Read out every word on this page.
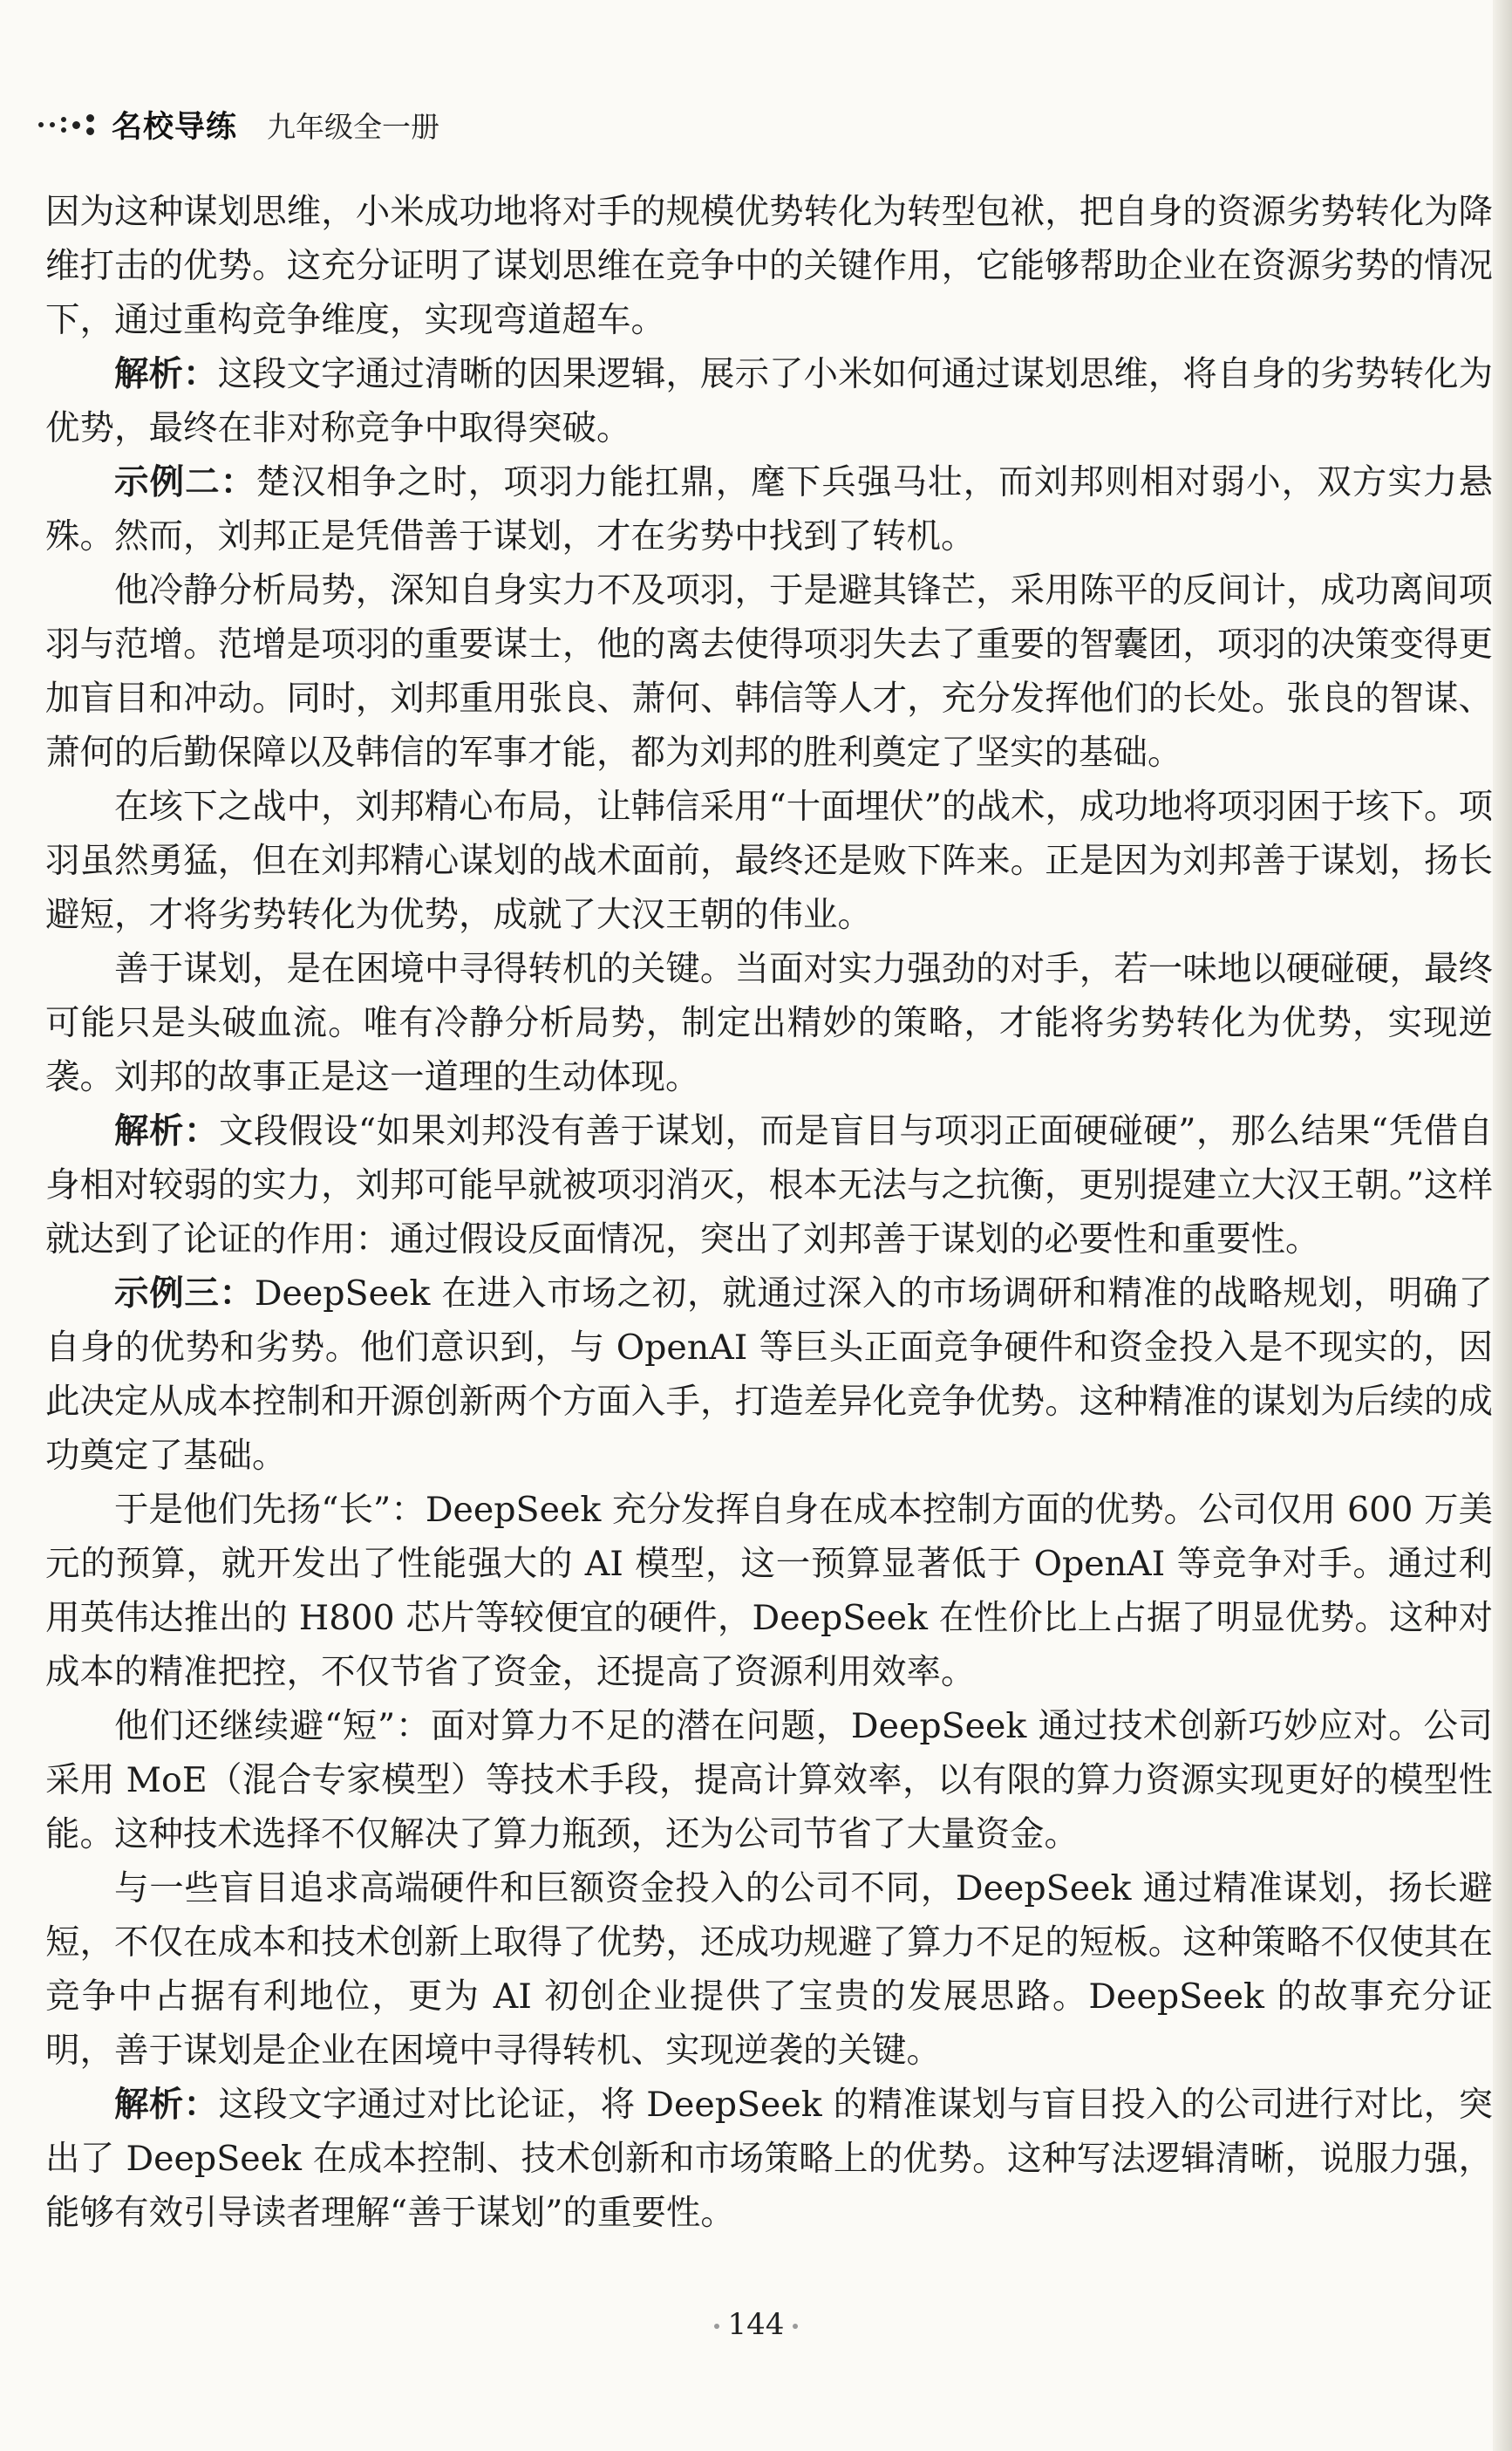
名校导练 九年级全一册

因为这种谋划思维，小米成功地将对手的规模优势转化为转型包袱，把自身的资源劣势转化为降维打击的优势。这充分证明了谋划思维在竞争中的关键作用，它能够帮助企业在资源劣势的情况下，通过重构竞争维度，实现弯道超车。

解析：这段文字通过清晰的因果逻辑，展示了小米如何通过谋划思维，将自身的劣势转化为优势，最终在非对称竞争中取得突破。

示例二：楚汉相争之时，项羽力能扛鼎，麾下兵强马壮，而刘邦则相对弱小，双方实力悬殊。然而，刘邦正是凭借善于谋划，才在劣势中找到了转机。

他冷静分析局势，深知自身实力不及项羽，于是避其锋芒，采用陈平的反间计，成功离间项羽与范增。范增是项羽的重要谋士，他的离去使得项羽失去了重要的智囊团，项羽的决策变得更加盲目和冲动。同时，刘邦重用张良、萧何、韩信等人才，充分发挥他们的长处。张良的智谋、萧何的后勤保障以及韩信的军事才能，都为刘邦的胜利奠定了坚实的基础。

在垓下之战中，刘邦精心布局，让韩信采用“十面埋伏”的战术，成功地将项羽困于垓下。项羽虽然勇猛，但在刘邦精心谋划的战术面前，最终还是败下阵来。正是因为刘邦善于谋划，扬长避短，才将劣势转化为优势，成就了大汉王朝的伟业。

善于谋划，是在困境中寻得转机的关键。当面对实力强劲的对手，若一味地以硬碰硬，最终可能只是头破血流。唯有冷静分析局势，制定出精妙的策略，才能将劣势转化为优势，实现逆袭。刘邦的故事正是这一道理的生动体现。

解析：文段假设“如果刘邦没有善于谋划，而是盲目与项羽正面硬碰硬”，那么结果“凭借自身相对较弱的实力，刘邦可能早就被项羽消灭，根本无法与之抗衡，更别提建立大汉王朝。”这样就达到了论证的作用：通过假设反面情况，突出了刘邦善于谋划的必要性和重要性。

示例三：DeepSeek 在进入市场之初，就通过深入的市场调研和精准的战略规划，明确了自身的优势和劣势。他们意识到，与 OpenAI 等巨头正面竞争硬件和资金投入是不现实的，因此决定从成本控制和开源创新两个方面入手，打造差异化竞争优势。这种精准的谋划为后续的成功奠定了基础。

于是他们先扬“长”：DeepSeek 充分发挥自身在成本控制方面的优势。公司仅用 600 万美元的预算，就开发出了性能强大的 AI 模型，这一预算显著低于 OpenAI 等竞争对手。通过利用英伟达推出的 H800 芯片等较便宜的硬件，DeepSeek 在性价比上占据了明显优势。这种对成本的精准把控，不仅节省了资金，还提高了资源利用效率。

他们还继续避“短”：面对算力不足的潜在问题，DeepSeek 通过技术创新巧妙应对。公司采用 MoE（混合专家模型）等技术手段，提高计算效率，以有限的算力资源实现更好的模型性能。这种技术选择不仅解决了算力瓶颈，还为公司节省了大量资金。

与一些盲目追求高端硬件和巨额资金投入的公司不同，DeepSeek 通过精准谋划，扬长避短，不仅在成本和技术创新上取得了优势，还成功规避了算力不足的短板。这种策略不仅使其在竞争中占据有利地位，更为 AI 初创企业提供了宝贵的发展思路。DeepSeek 的故事充分证明，善于谋划是企业在困境中寻得转机、实现逆袭的关键。

解析：这段文字通过对比论证，将 DeepSeek 的精准谋划与盲目投入的公司进行对比，突出了 DeepSeek 在成本控制、技术创新和市场策略上的优势。这种写法逻辑清晰，说服力强，能够有效引导读者理解“善于谋划”的重要性。

144
